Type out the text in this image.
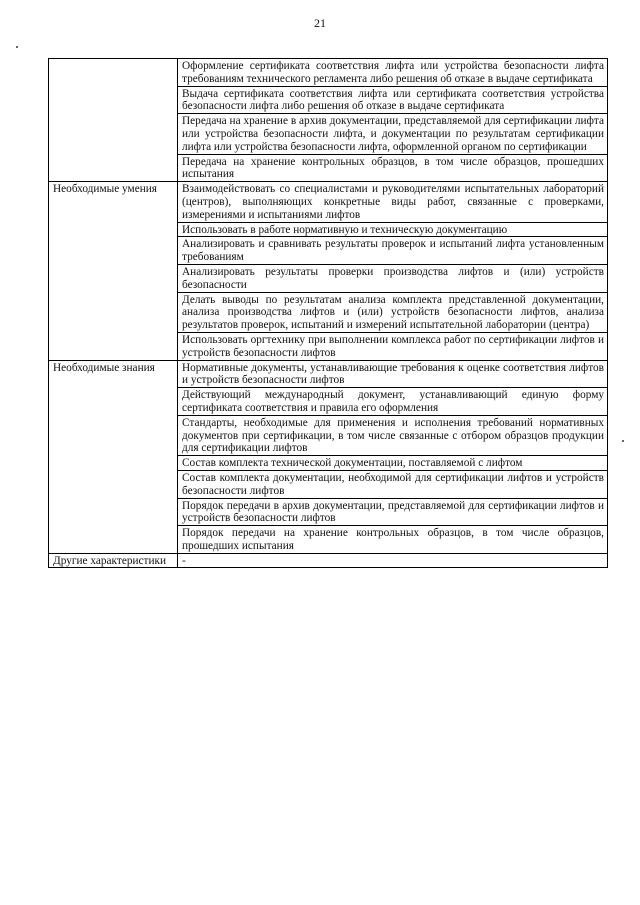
21
	Оформление сертификата соответствия лифта или устройства безопасности лифта требованиям технического регламента либо решения об отказе в выдаче сертификата
	Выдача сертификата соответствия лифта или сертификата соответствия устройства безопасности лифта либо решения об отказе в выдаче сертификата
	Передача на хранение в архив документации, представляемой для сертификации лифта или устройства безопасности лифта, и документации по результатам сертификации лифта или устройства безопасности лифта, оформленной органом по сертификации
	Передача на хранение контрольных образцов, в том числе образцов, прошедших испытания
Необходимые умения	Взаимодействовать со специалистами и руководителями испытательных лабораторий (центров), выполняющих конкретные виды работ, связанные с проверками, измерениями и испытаниями лифтов
	Использовать в работе нормативную и техническую документацию
	Анализировать и сравнивать результаты проверок и испытаний лифта установленным требованиям
	Анализировать результаты проверки производства лифтов и (или) устройств безопасности
	Делать выводы по результатам анализа комплекта представленной документации, анализа производства лифтов и (или) устройств безопасности лифтов, анализа результатов проверок, испытаний и измерений испытательной лаборатории (центра)
	Использовать оргтехнику при выполнении комплекса работ по сертификации лифтов и устройств безопасности лифтов
Необходимые знания	Нормативные документы, устанавливающие требования к оценке соответствия лифтов и устройств безопасности лифтов
	Действующий международный документ, устанавливающий единую форму сертификата соответствия и правила его оформления
	Стандарты, необходимые для применения и исполнения требований нормативных документов при сертификации, в том числе связанные с отбором образцов продукции для сертификации лифтов
	Состав комплекта технической документации, поставляемой с лифтом
	Состав комплекта документации, необходимой для сертификации лифтов и устройств безопасности лифтов
	Порядок передачи в архив документации, представляемой для сертификации лифтов и устройств безопасности лифтов
	Порядок передачи на хранение контрольных образцов, в том числе образцов, прошедших испытания
Другие характеристики	-
